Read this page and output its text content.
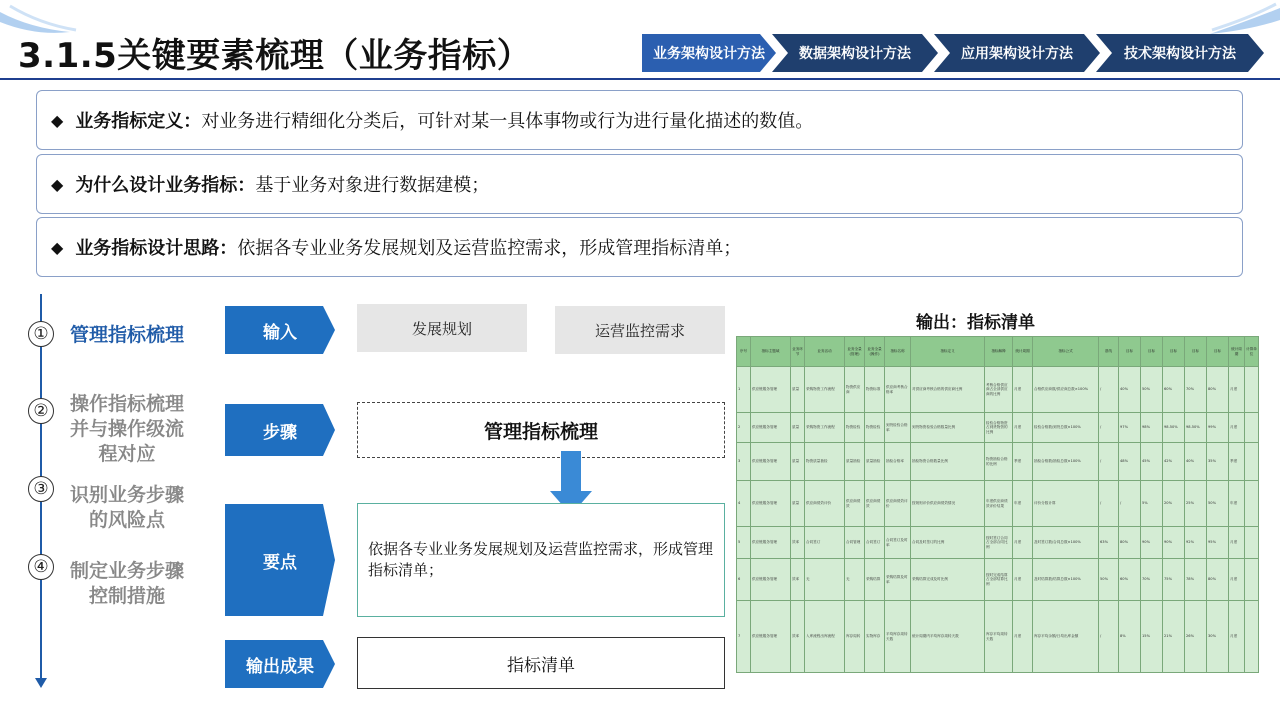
3.1.5关键要素梳理（业务指标）	业务架构设计方法 数据架构设计方法	应用架构设计方法	技术架构设计方法
◆ 业务指标定义： 对业务进行精细化分类后，可针对某一具体事物或行为进行量化描述的数值。
◆ 为什么设计业务指标： 基于业务对象进行数据建模；
◆ 业务指标设计思路： 依据各专业业务发展规划及运营监控需求，形成管理指标清单；
① 管理指标梳理
② 操作指标梳理并与操作级流程对应
③ 识别业务步骤的风险点
④ 制定业务步骤控制措施
输入	发展规划	运营监控需求
步骤	管理指标梳理
要点
依据各专业业务发展规划及运营监控需求，形成管理指标清单；
输出成果	指标清单
输出：指标清单
序号	指标主题域	业务环节	业务活动	业务全量(管理)	业务全量(操作)	指标名称	指标定义	指标解释	统计周期	指标公式	基线	目标	目标	目标	目标	目标	统计周期	计算单位
1	供应链服务管理	质量	采购物资工作流程	物资供应商	物资标准	供应商考核合格率	对供应商考核合格的供应商比例	考核合格供应商占全部供应商的比例	月度	合格供应商数/供应商总数×100%	/	40%	50%	60%	70%	80%	月度	
2	供应链服务管理	质量	采购物资工作流程	物资检验	物资检验	到货检验合格率	到货物资检验合格数量比例	检验合格物资占到货物资的比例	月度	检验合格数/到货总数×100%	/	97%	98%	98.50%	98.50%	99%	月度	
3	供应链服务管理	质量	物资质量抽检	质量抽检	质量抽检	抽检合格率	抽检物资合格数量比例	物资抽检合格的比例	季度	抽检合格数/抽检总数×100%	/	48%	45%	42%	40%	35%	季度	
4	供应链服务管理	质量	供应商绩效评价	供应商绩效	供应商绩效	供应商绩效评价	按规则评价供应商绩效情况	年度供应商绩效评价结果	年度	评价分数计算	/	/	5%	20%	25%	50%	年度	
5	供应链服务管理	效率	合同签订	合同管理	合同签订	合同签订及时率	合同及时签订的比例	按时签订合同占全部合同比例	月度	及时签订数/合同总数×100%	63%	80%	90%	90%	92%	95%	月度	
6	供应链服务管理	效率	无	无	采购结算	采购结算及时率	采购结算完成及时比例	按时完成结算占全部结算比例	月度	及时结算数/结算总数×100%	50%	60%	70%	75%	78%	80%	月度	
7	供应链服务管理	效率	入库流程出库流程	库存周转	实物库存	平均库存周转天数	统计周期内平均库存周转天数	库存平均周转天数	月度	库存平均余额/日均出库金额	/	8%	15%	21%	26%	30%	月度	
